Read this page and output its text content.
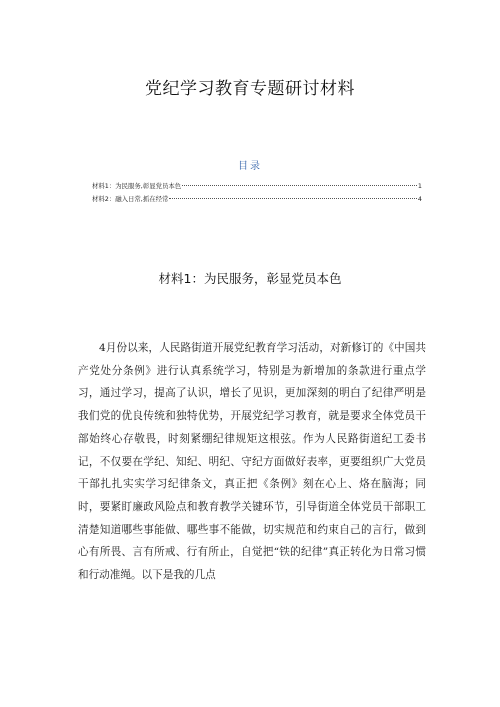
党纪学习教育专题研讨材料
目录
材料1：为民服务,彰显党员本色	1
材料2：融入日常,抓在经常	4
材料1：为民服务，彰显党员本色

4月份以来，人民路街道开展党纪教育学习活动，对新修订的《中国共产党处分条例》进行认真系统学习，特别是为新增加的条款进行重点学习，通过学习，提高了认识，增长了见识，更加深刻的明白了纪律严明是我们党的优良传统和独特优势，开展党纪学习教育，就是要求全体党员干部始终心存敬畏，时刻紧绷纪律规矩这根弦。作为人民路街道纪工委书记，不仅要在学纪、知纪、明纪、守纪方面做好表率，更要组织广大党员干部扎扎实实学习纪律条文，真正把《条例》刻在心上、烙在脑海；同时，要紧盯廉政风险点和教育教学关键环节，引导街道全体党员干部职工清楚知道哪些事能做、哪些事不能做，切实规范和约束自己的言行，做到心有所畏、言有所戒、行有所止，自觉把“铁的纪律”真正转化为日常习惯和行动准绳。以下是我的几点
